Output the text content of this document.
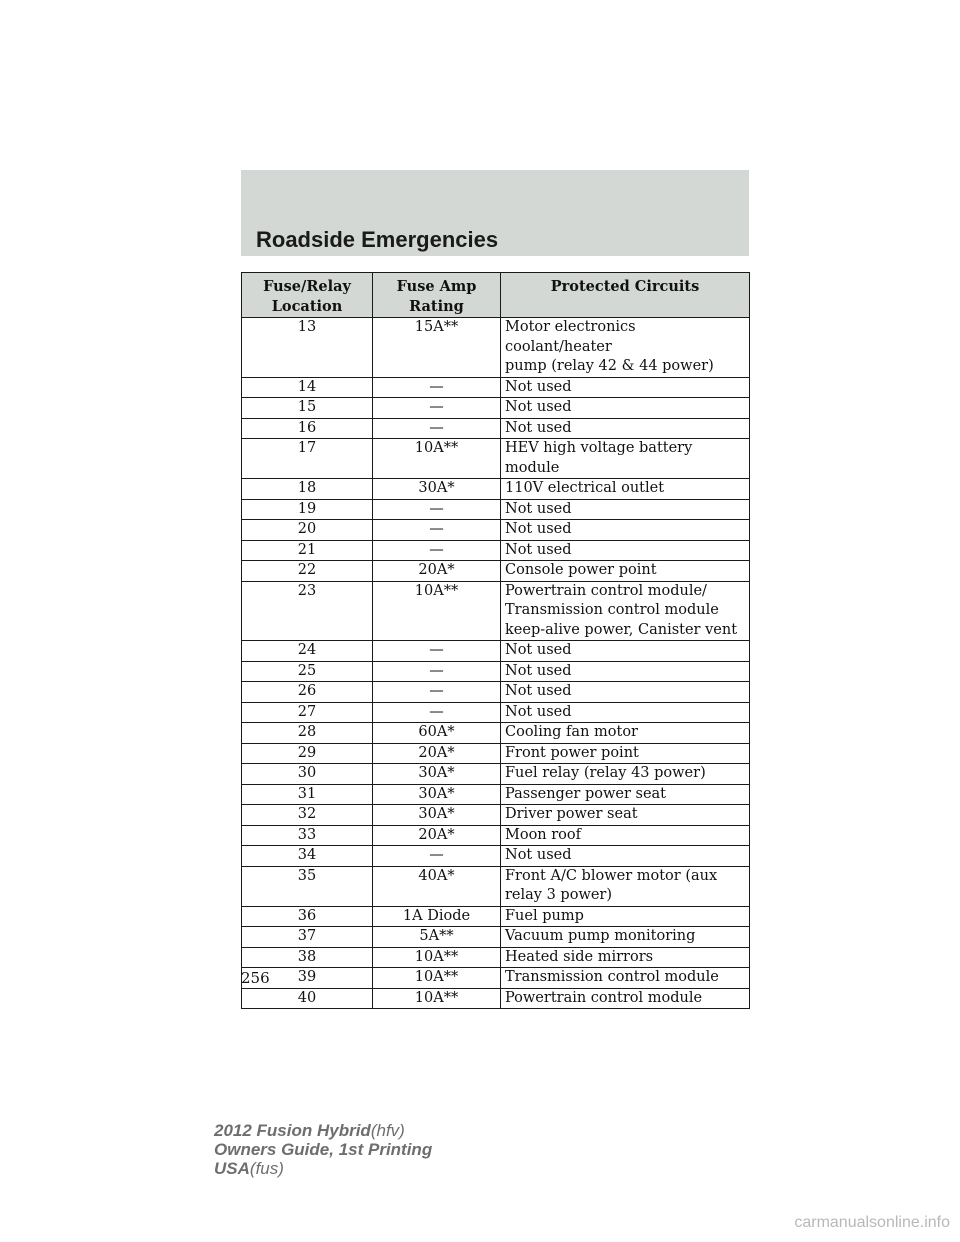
Roadside Emergencies
Fuse/Relay
Location	Fuse Amp
Rating	Protected Circuits
13	15A**	Motor electronics coolant/heater
pump (relay 42 & 44 power)
14	—	Not used
15	—	Not used
16	—	Not used
17	10A**	HEV high voltage battery module
18	30A*	110V electrical outlet
19	—	Not used
20	—	Not used
21	—	Not used
22	20A*	Console power point
23	10A**	Powertrain control module/
Transmission control module
keep-alive power, Canister vent
24	—	Not used
25	—	Not used
26	—	Not used
27	—	Not used
28	60A*	Cooling fan motor
29	20A*	Front power point
30	30A*	Fuel relay (relay 43 power)
31	30A*	Passenger power seat
32	30A*	Driver power seat
33	20A*	Moon roof
34	—	Not used
35	40A*	Front A/C blower motor (aux
relay 3 power)
36	1A Diode	Fuel pump
37	5A**	Vacuum pump monitoring
38	10A**	Heated side mirrors
39	10A**	Transmission control module
40	10A**	Powertrain control module
256
2012 Fusion Hybrid(hfv)
Owners Guide, 1st Printing
USA(fus)
carmanualsonline.info
